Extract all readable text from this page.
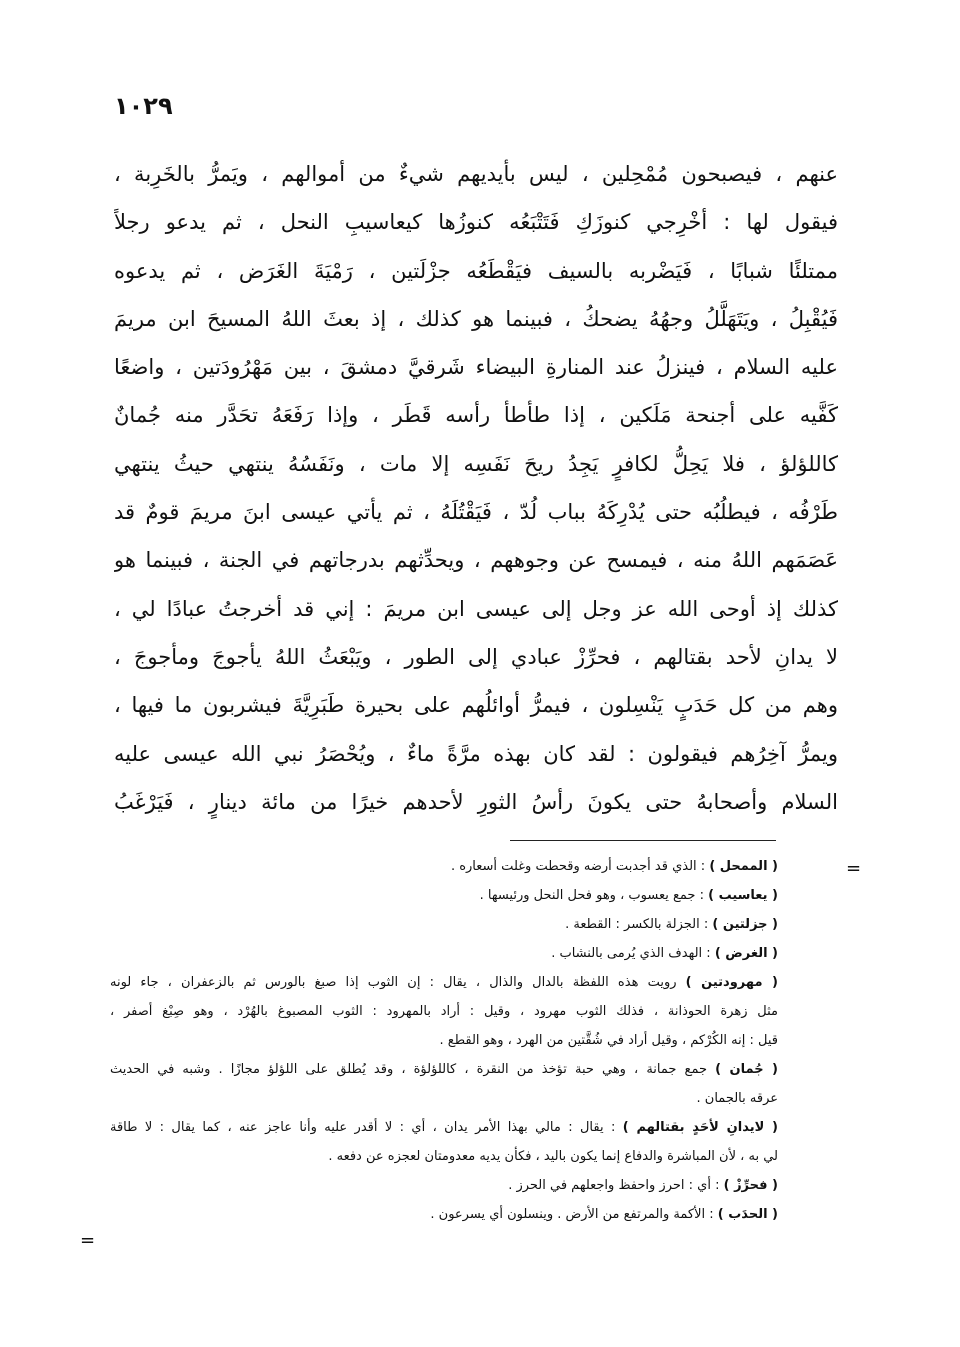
١٠٢٩
عنهم ، فيصبحون مُمْحِلين ، ليس بأيديهم شيءٌ من أموالهم ، ويَمرُّ بالخَرِبة ،
فيقول لها : أخْرِجي كنوزَكِ فَتَتْبَعُه كنوزُها كيعاسيبِ النحل ، ثم يدعو رجلاً
ممتلئًا شبابًا ، فَيَضْربه بالسيف فيَقْطَعُه جزْلَتين ، رَمْيَةَ الغَرَض ، ثم يدعوه
فَيُقْبِلُ ، ويَتَهَلَّلُ وجهُهُ يضحكُ ، فبينما هو كذلك ، إذ بعثَ اللهُ المسيحَ ابن مريمَ
عليه السلام ، فينزلُ عند المنارةِ البيضاء شَرقيَّ دمشقَ ، بين مَهْرُودَتين ، واضعًا
كَفَّيه على أجنحة مَلَكين ، إذا طأطأ رأسه قَطَر ، وإذا رَفَعَهُ تحَدَّر منه جُمانٌ
كاللؤلؤ ، فلا يَحِلُّ لكافرٍ يَجِدُ ريحَ نَفَسِه إلا مات ، ونَفَسُهُ ينتهي حيثُ ينتهي
طَرْفُه ، فيطلُبُه حتى يُدْرِكَهُ بباب لُدّ ، فَيَقْتُلَهُ ، ثم يأتي عيسى ابنَ مريمَ قومٌ قد
عَصَمَهم اللهُ منه ، فيمسح عن وجوههم ، ويحدِّثهم بدرجاتهم في الجنة ، فبينما هو
كذلك إذ أوحى الله عز وجل إلى عيسى ابن مريمَ : إني قد أخرجتُ عبادًا لي ،
لا يدانِ لأحد بقتالهم ، فحرِّزْ عبادي إلى الطور ، ويَبْعَثُ اللهُ يأجوجَ ومأجوجَ ،
وهم من كل حَدَبٍ يَنْسِلون ، فيمرُّ أوائلُهم على بحيرة طَبَرِيَّةَ فيشربون ما فيها ،
ويمرُّ آخِرُهم فيقولون : لقد كان بهذه مرَّةً ماءٌ ، ويُحْصَرُ نبي الله عيسى عليه
السلام وأصحابهُ حتى يكونَ رأسُ الثورِ لأحدهم خيرًا من مائة دينارٍ ، فَيَرْغَبُ
=
=
( الممحل ) : الذي قد أجدبت أرضه وقحطت وغلت أسعاره .
( يعاسيب ) : جمع يعسوب ، وهو فحل النحل ورئيسها .
( جزلتين ) : الجزلة بالكسر : القطعة .
( الغرض ) : الهدف الذي يُرمى بالنشاب .
( مهرودتين ) رويت هذه اللفظة بالدال والذال ، يقال : إن الثوب إذا صبغ بالورس ثم بالزعفران ، جاء لونه
مثل زهرة الحوذانة ، فذلك الثوب مهرود ، وقيل : أراد بالمهرود : الثوب المصبوغ بالهُرْد ، وهو صِبْغ أصفر ،
قيل : إنه الكُرْكم ، وقيل أراد في شُقَّتين من الهرد ، وهو القطع .
( جُمان ) جمع جمانة ، وهي حبة تؤخذ من النقرة ، كاللؤلؤة ، وقد يُطلق على اللؤلؤ مجازًا . وشبه في الحديث
عرقه بالجمان .
( لايدانِ لأحَدٍ بقتالهم ) : يقال : مالي بهذا الأمر يدان ، أي : لا أقدر عليه وأنا عاجز عنه ، كما يقال : لا طاقة
لي به ، لأن المباشرة والدفاع إنما يكون باليد ، فكأن يديه معدومتان لعجزه عن دفعه .
( فحرِّزْ ) : أي : احرز واحفظ واجعلهم في الحرز .
( الحدَب ) : الأكمة والمرتفع من الأرض . وينسلون أي يسرعون .
